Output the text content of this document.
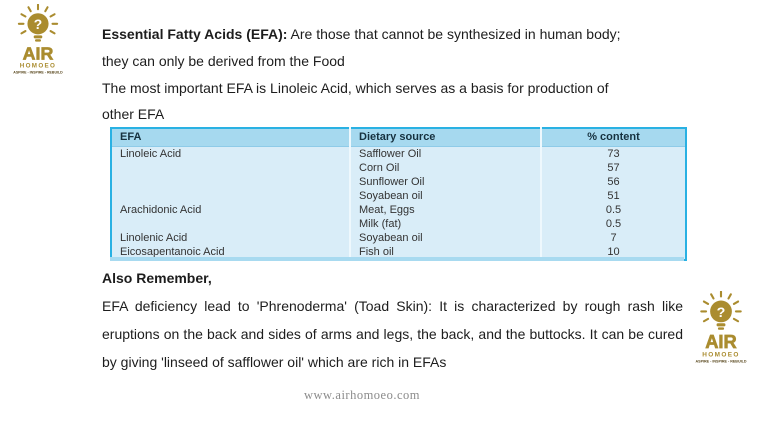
?
AIR
HOMOEO
ASPIRE - INSPIRE - REBUILD
Essential Fatty Acids (EFA): Are those that cannot be synthesized in human body;
they can only be derived from the Food
The most important EFA is Linoleic Acid, which serves as a basis for production of
other EFA
EFA	Dietary source	% content
Linoleic Acid	Safflower Oil	73
	Corn Oil	57
	Sunflower Oil	56
	Soyabean oil	51
Arachidonic Acid	Meat, Eggs	0.5
	Milk (fat)	0.5
Linolenic Acid	Soyabean oil	7
Eicosapentanoic Acid	Fish oil	10
Also Remember,
EFA deficiency lead to 'Phrenoderma' (Toad Skin): It is characterized by rough rash like
eruptions on the back and sides of arms and legs, the back, and the buttocks. It can be cured
by giving 'linseed of safflower oil' which are rich in EFAs
?
AIR
HOMOEO
ASPIRE - INSPIRE - REBUILD
www.airhomoeo.com
